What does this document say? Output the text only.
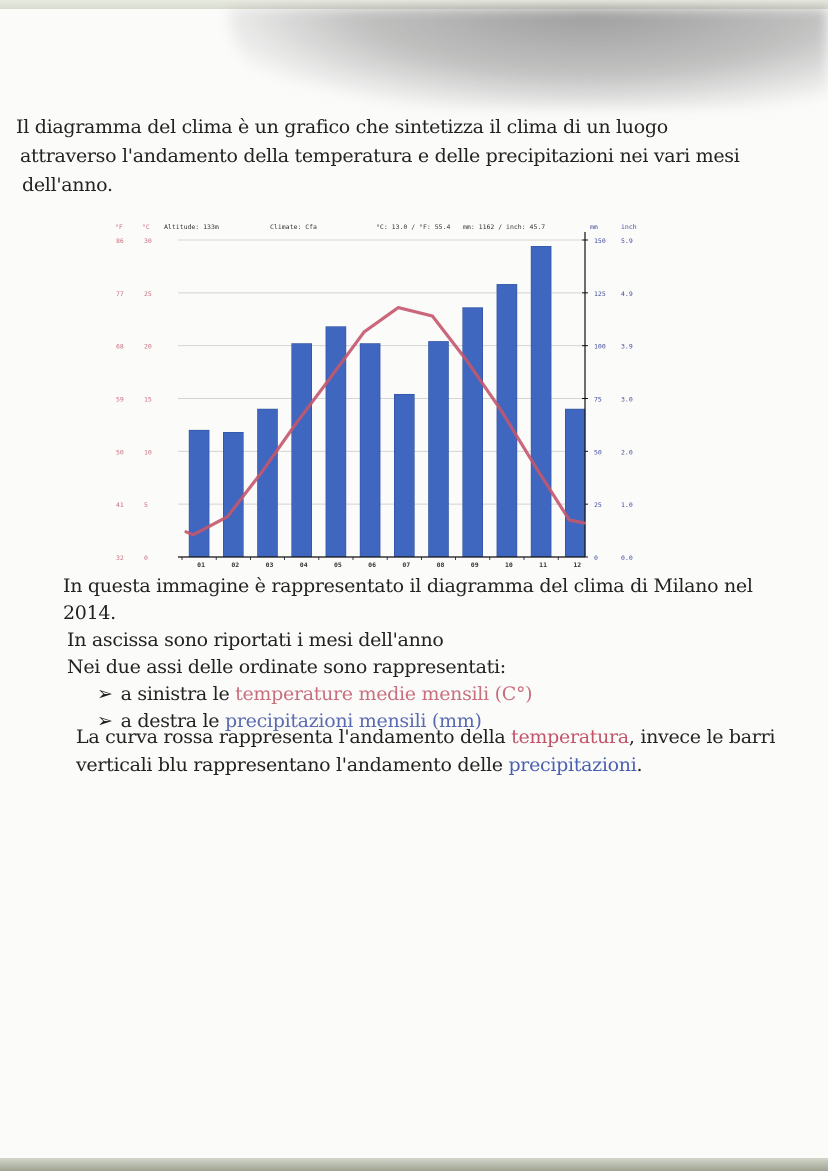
Il diagramma del clima è un grafico che sintetizza il clima di un luogo
attraverso l'andamento della temperatura e delle precipitazioni nei vari mesi
dell'anno.
°F	°C Altitude: 133m	Climate: Cfa	°C: 13.0 / °F: 55.4 mm: 1162 / inch: 45.7	mm	inch
32	0
41	5
50	10
59	15
68	20
77	25
86	30
0	0.0
25	1.0
50	2.0
75	3.0
100 3.9
125 4.9
150 5.9
01	02	03	04	05	06	07	08	09	10	11	12
In questa immagine è rappresentato il diagramma del clima di Milano nel
2014.
In ascissa sono riportati i mesi dell'anno
Nei due assi delle ordinate sono rappresentati:
➢ a sinistra le temperature medie mensili (C°)
➢ a destra le precipitazioni mensili (mm)
La curva rossa rappresenta l'andamento della temperatura, invece le barri
verticali blu rappresentano l'andamento delle precipitazioni.
